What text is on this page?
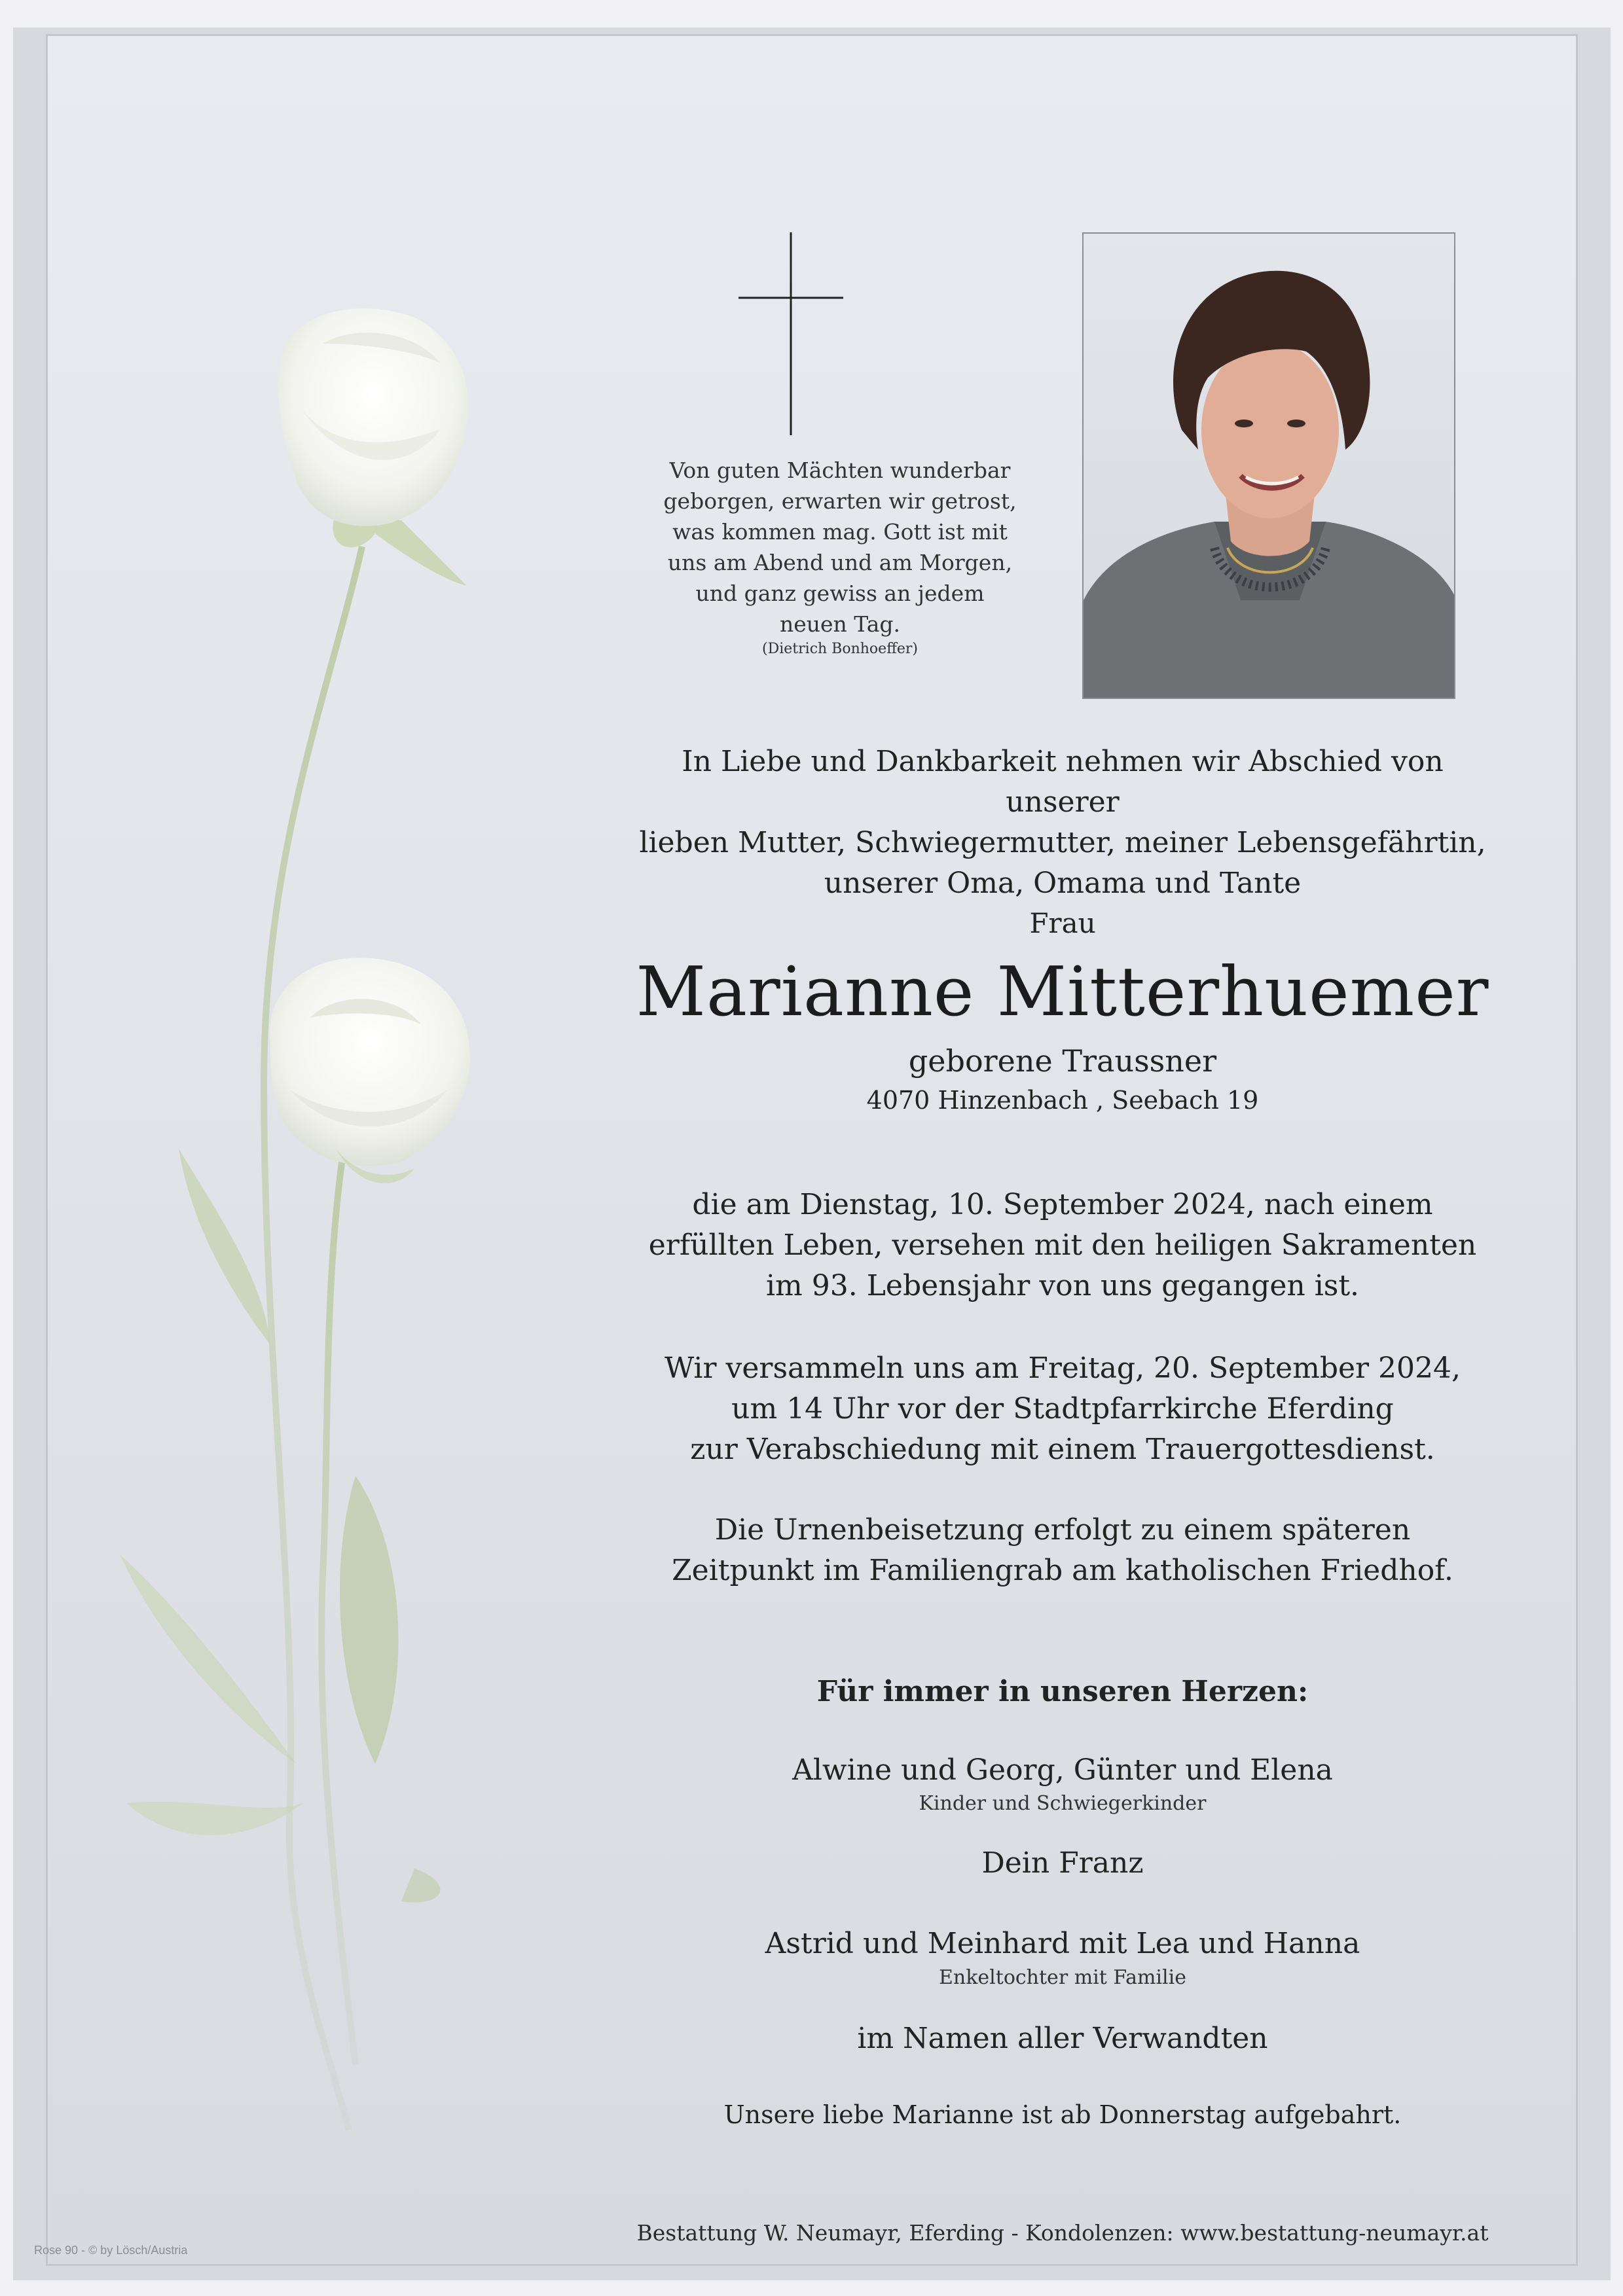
Von guten Mächten wunderbar
geborgen, erwarten wir getrost,
was kommen mag. Gott ist mit
uns am Abend und am Morgen,
und ganz gewiss an jedem
neuen Tag.
(Dietrich Bonhoeffer)
In Liebe und Dankbarkeit nehmen wir Abschied von unserer
lieben Mutter, Schwiegermutter, meiner Lebensgefährtin,
unserer Oma, Omama und Tante
Frau
Marianne Mitterhuemer
geborene Traussner
4070 Hinzenbach , Seebach 19
die am Dienstag, 10. September 2024, nach einem
erfüllten Leben, versehen mit den heiligen Sakramenten
im 93. Lebensjahr von uns gegangen ist.
Wir versammeln uns am Freitag, 20. September 2024,
um 14 Uhr vor der Stadtpfarrkirche Eferding
zur Verabschiedung mit einem Trauergottesdienst.
Die Urnenbeisetzung erfolgt zu einem späteren
Zeitpunkt im Familiengrab am katholischen Friedhof.
Für immer in unseren Herzen:
Alwine und Georg, Günter und Elena
Kinder und Schwiegerkinder
Dein Franz
Astrid und Meinhard mit Lea und Hanna
Enkeltochter mit Familie
im Namen aller Verwandten
Unsere liebe Marianne ist ab Donnerstag aufgebahrt.
Bestattung W. Neumayr, Eferding - Kondolenzen: www.bestattung-neumayr.at
Rose 90 - © by Lösch/Austria
